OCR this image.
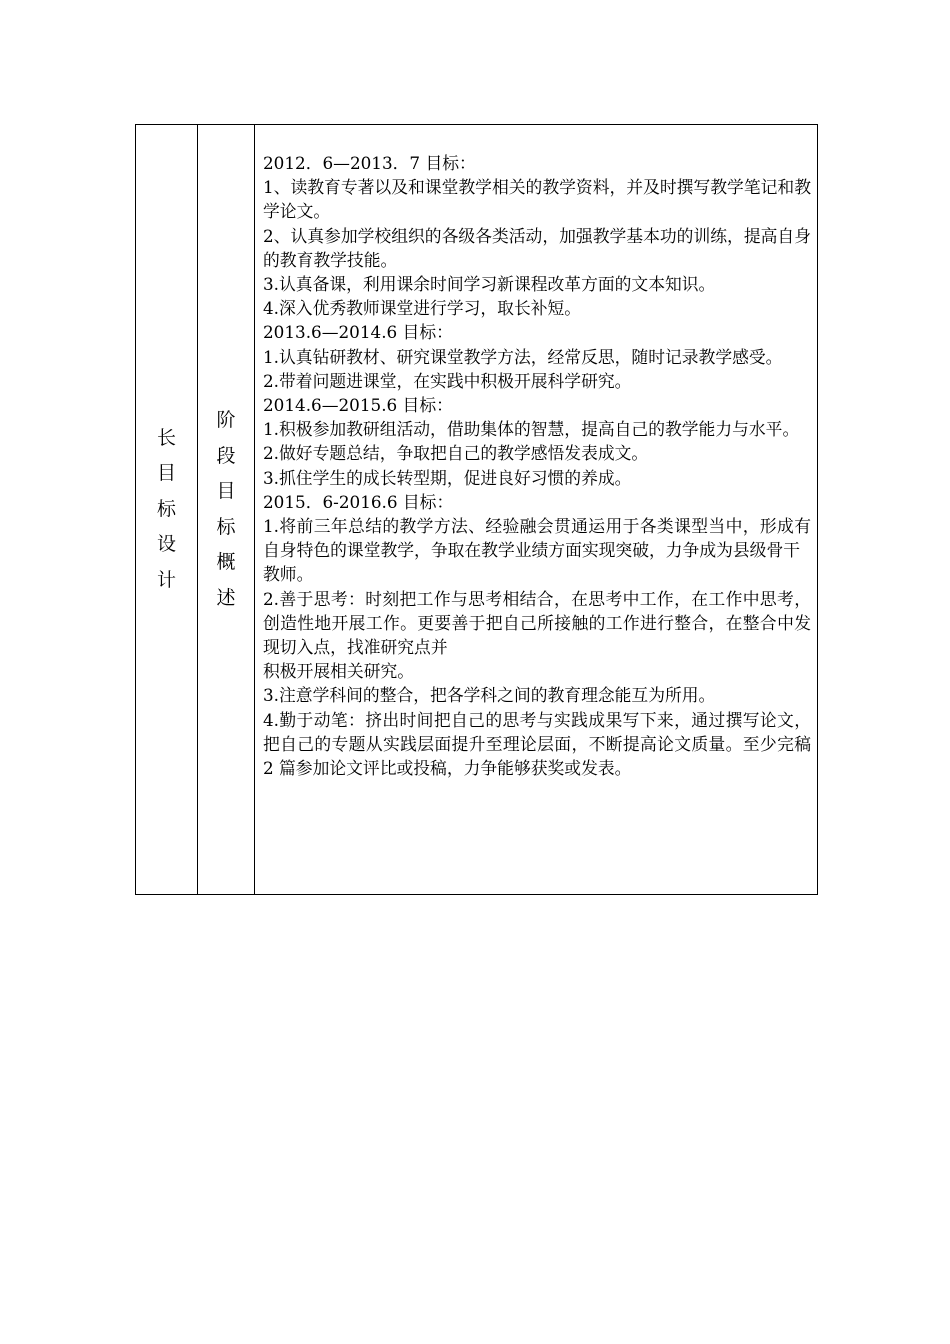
长目标设计
阶段目标概述

2012．6—2013．7 目标：

1、读教育专著以及和课堂教学相关的教学资料，并及时撰写教学笔记和教学论文。

2、认真参加学校组织的各级各类活动，加强教学基本功的训练，提高自身的教育教学技能。

3.认真备课，利用课余时间学习新课程改革方面的文本知识。

4.深入优秀教师课堂进行学习，取长补短。

2013.6—2014.6 目标：

1.认真钻研教材、研究课堂教学方法，经常反思，随时记录教学感受。

2.带着问题进课堂，在实践中积极开展科学研究。

2014.6—2015.6 目标：

1.积极参加教研组活动，借助集体的智慧，提高自己的教学能力与水平。

2.做好专题总结，争取把自己的教学感悟发表成文。

3.抓住学生的成长转型期，促进良好习惯的养成。

2015．6-2016.6 目标：

1.将前三年总结的教学方法、经验融会贯通运用于各类课型当中，形成有自身特色的课堂教学，争取在教学业绩方面实现突破，力争成为县级骨干

教师。

2.善于思考：时刻把工作与思考相结合，在思考中工作，在工作中思考，创造性地开展工作。更要善于把自己所接触的工作进行整合，在整合中发现切入点，找准研究点并

积极开展相关研究。

3.注意学科间的整合，把各学科之间的教育理念能互为所用。

4.勤于动笔：挤出时间把自己的思考与实践成果写下来，通过撰写论文，把自己的专题从实践层面提升至理论层面，不断提高论文质量。至少完稿 2 篇参加论文评比或投稿，力争能够获奖或发表。
